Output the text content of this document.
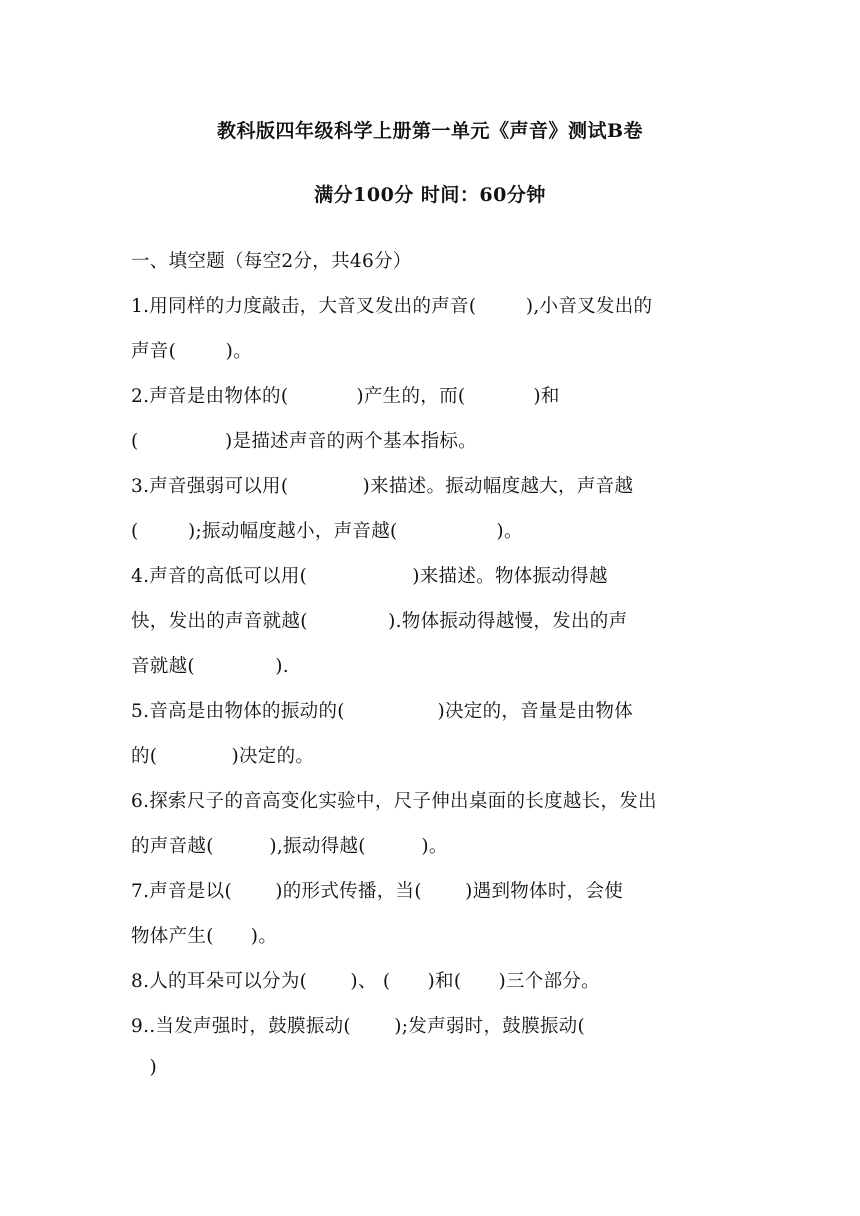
教科版四年级科学上册第一单元《声音》测试B卷
满分100分 时间：60分钟
一、填空题（每空2分，共46分）
1.用同样的力度敲击，大音叉发出的声音(        ),小音叉发出的
声音(        )。
2.声音是由物体的(           )产生的，而(           )和
(              )是描述声音的两个基本指标。
3.声音强弱可以用(            )来描述。振动幅度越大，声音越
(        );振动幅度越小，声音越(                )。
4.声音的高低可以用(                 )来描述。物体振动得越
快，发出的声音就越(             ).物体振动得越慢，发出的声
音就越(             ).
5.音高是由物体的振动的(               )决定的，音量是由物体
的(            )决定的。
6.探索尺子的音高变化实验中，尺子伸出桌面的长度越长，发出
的声音越(         ),振动得越(         )。
7.声音是以(       )的形式传播，当(       )遇到物体时，会使
物体产生(      )。
8.人的耳朵可以分为(       )、 (      )和(      )三个部分。
9..当发声强时，鼓膜振动(       );发声弱时，鼓膜振动(
)
